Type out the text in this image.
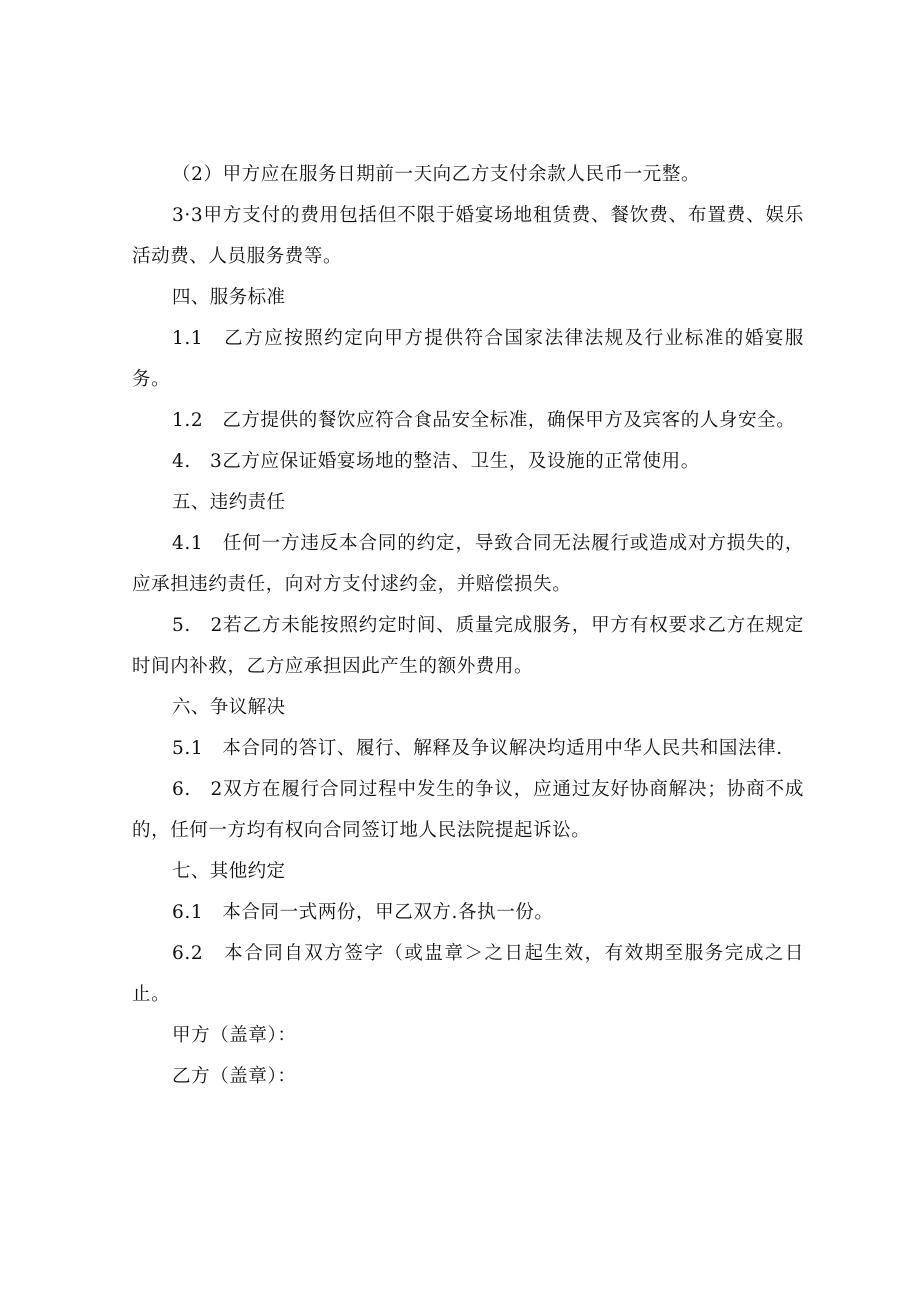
（2）甲方应在服务日期前一天向乙方支付余款人民币一元整。

3·3甲方支付的费用包括但不限于婚宴场地租赁费、餐饮费、布置费、娱乐活动费、人员服务费等。

四、服务标准

1.1　乙方应按照约定向甲方提供符合国家法律法规及行业标准的婚宴服务。

1.2　乙方提供的餐饮应符合食品安全标准，确保甲方及宾客的人身安全。

4.　3乙方应保证婚宴场地的整洁、卫生，及设施的正常使用。

五、违约责任

4.1　任何一方违反本合同的约定，导致合同无法履行或造成对方损失的，应承担违约责任，向对方支付逑约金，并赔偿损失。

5.　2若乙方未能按照约定时间、质量完成服务，甲方有权要求乙方在规定时间内补救，乙方应承担因此产生的额外费用。

六、争议解决

5.1　本合同的答订、履行、解释及争议解决均适用中华人民共和国法律.

6.　2双方在履行合同过程中发生的争议，应通过友好协商解决；协商不成的，任何一方均有权向合同签订地人民法院提起诉讼。

七、其他约定

6.1　本合同一式两份，甲乙双方.各执一份。

6.2　本合同自双方签字（或盅章＞之日起生效，有效期至服务完成之日止。

甲方（盖章）：

乙方（盖章）：
